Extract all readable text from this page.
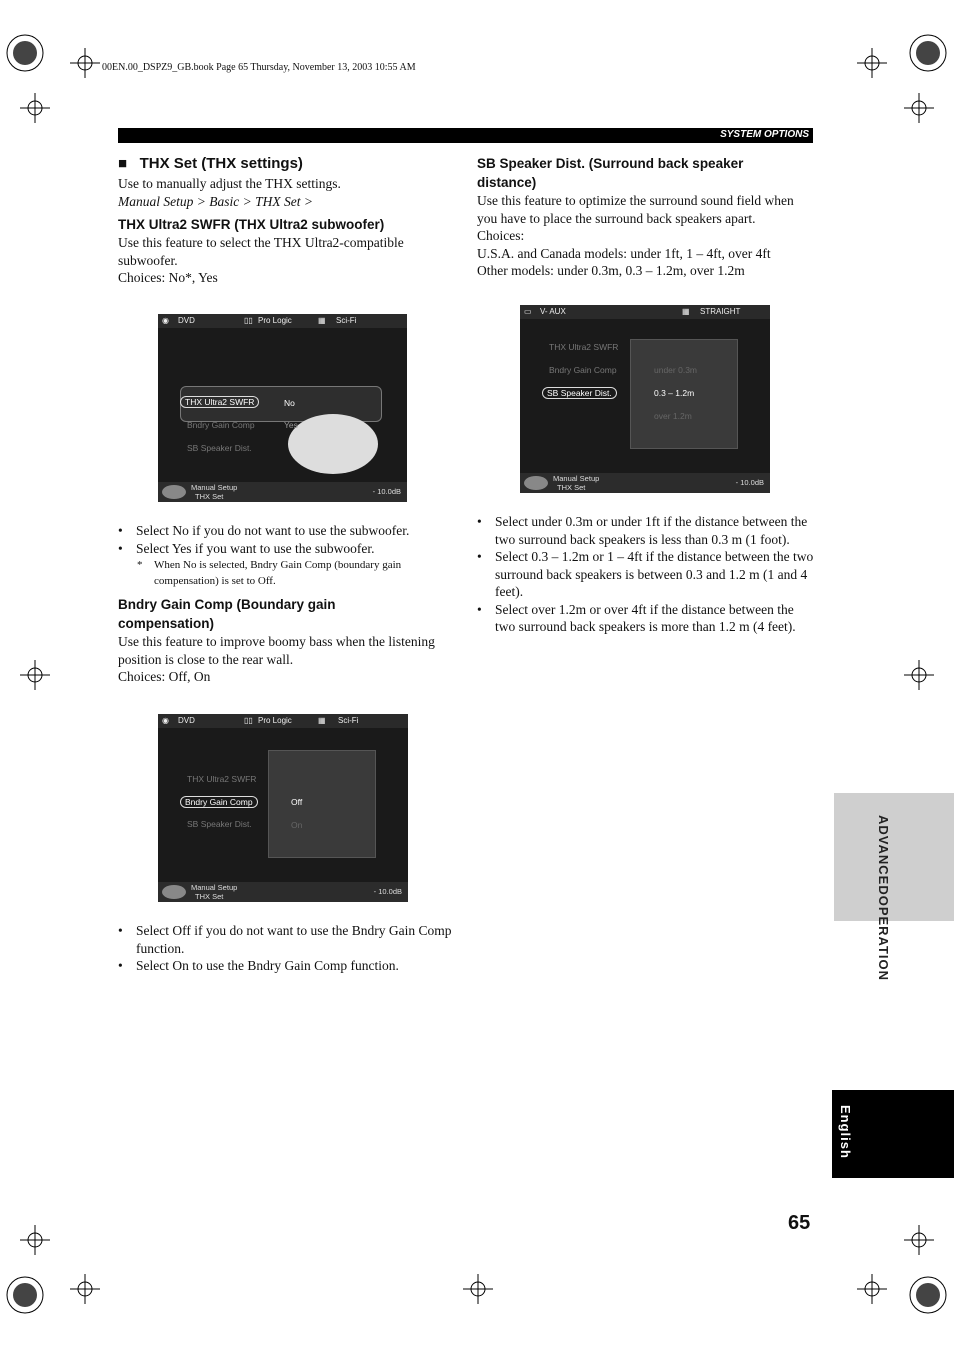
00EN.00_DSPZ9_GB.book Page 65 Thursday, November 13, 2003 10:55 AM
SYSTEM OPTIONS
■ THX Set (THX settings)
Use to manually adjust the THX settings.
Manual Setup > Basic > THX Set >
THX Ultra2 SWFR (THX Ultra2 subwoofer)
Use this feature to select the THX Ultra2-compatible
subwoofer.
Choices: No*, Yes
◉ DVD	▯▯ Pro Logic	▦ Sci-Fi
THX Ultra2 SWFR
Bndry Gain Comp
SB Speaker Dist.
No
Yes
Manual Setup
THX Set
- 10.0dB
• Select No if you do not want to use the subwoofer.
• Select Yes if you want to use the subwoofer.
* When No is selected, Bndry Gain Comp (boundary gain
compensation) is set to Off.
Bndry Gain Comp (Boundary gain
compensation)
Use this feature to improve boomy bass when the listening
position is close to the rear wall.
Choices: Off, On
◉ DVD	▯▯ Pro Logic	▦ Sci-Fi
THX Ultra2 SWFR
Bndry Gain Comp
SB Speaker Dist.
Off
On
Manual Setup
THX Set
- 10.0dB
• Select Off if you do not want to use the Bndry Gain Comp function.
• Select On to use the Bndry Gain Comp function.
SB Speaker Dist. (Surround back speaker
distance)
Use this feature to optimize the surround sound field when
you have to place the surround back speakers apart.
Choices:
U.S.A. and Canada models: under 1ft, 1 – 4ft, over 4ft
Other models: under 0.3m, 0.3 – 1.2m, over 1.2m
▭ V- AUX	▦ STRAIGHT
THX Ultra2 SWFR
Bndry Gain Comp
SB Speaker Dist.
under 0.3m
0.3 – 1.2m
over 1.2m
Manual Setup
THX Set
- 10.0dB
• Select under 0.3m or under 1ft if the distance between the two surround back speakers is less than 0.3 m (1 foot).
• Select 0.3 – 1.2m or 1 – 4ft if the distance between the two surround back speakers is between 0.3 and 1.2 m (1 and 4 feet).
• Select over 1.2m or over 4ft if the distance between the two surround back speakers is more than 1.2 m (4 feet).
ADVANCEDOPERATION
English
65
